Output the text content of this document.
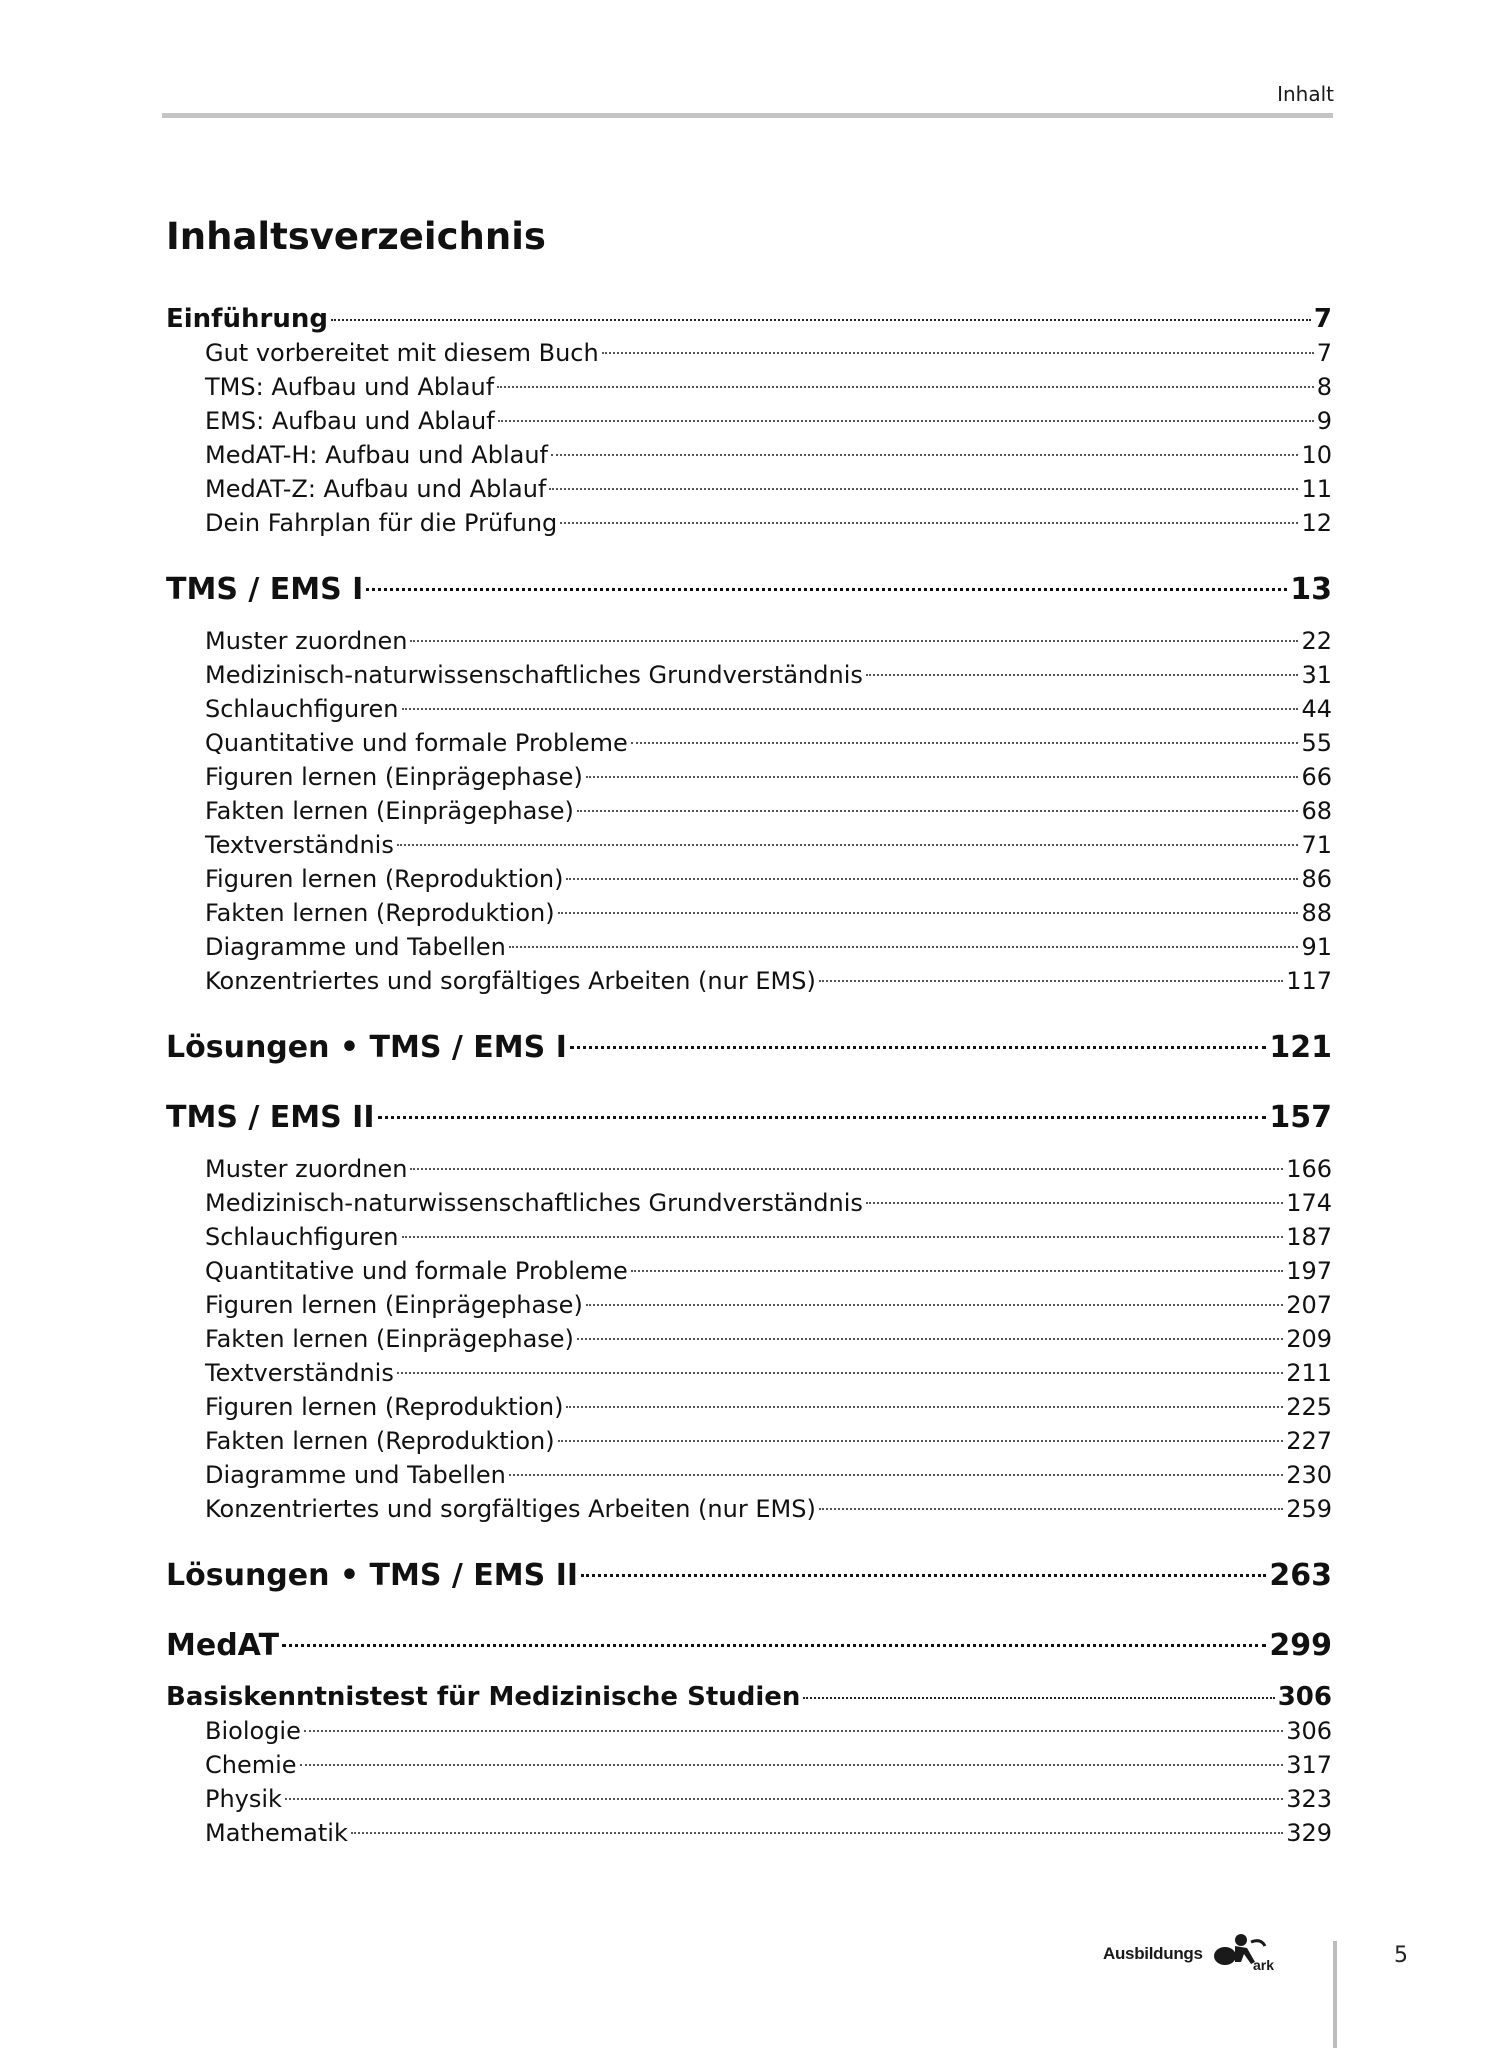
Inhalt
Inhaltsverzeichnis
Einführung	7
Gut vorbereitet mit diesem Buch	7
TMS: Aufbau und Ablauf	8
EMS: Aufbau und Ablauf	9
MedAT-H: Aufbau und Ablauf	10
MedAT-Z: Aufbau und Ablauf	11
Dein Fahrplan für die Prüfung	12
TMS / EMS I	13
Muster zuordnen	22
Medizinisch-naturwissenschaftliches Grundverständnis	31
Schlauchfiguren	44
Quantitative und formale Probleme	55
Figuren lernen (Einprägephase)	66
Fakten lernen (Einprägephase)	68
Textverständnis	71
Figuren lernen (Reproduktion)	86
Fakten lernen (Reproduktion)	88
Diagramme und Tabellen	91
Konzentriertes und sorgfältiges Arbeiten (nur EMS)	117
Lösungen • TMS / EMS I	121
TMS / EMS II	157
Muster zuordnen	166
Medizinisch-naturwissenschaftliches Grundverständnis	174
Schlauchfiguren	187
Quantitative und formale Probleme	197
Figuren lernen (Einprägephase)	207
Fakten lernen (Einprägephase)	209
Textverständnis	211
Figuren lernen (Reproduktion)	225
Fakten lernen (Reproduktion)	227
Diagramme und Tabellen	230
Konzentriertes und sorgfältiges Arbeiten (nur EMS)	259
Lösungen • TMS / EMS II	263
MedAT	299
Basiskenntnistest für Medizinische Studien	306
Biologie	306
Chemie	317
Physik	323
Mathematik	329
Ausbildungs
ark	5
